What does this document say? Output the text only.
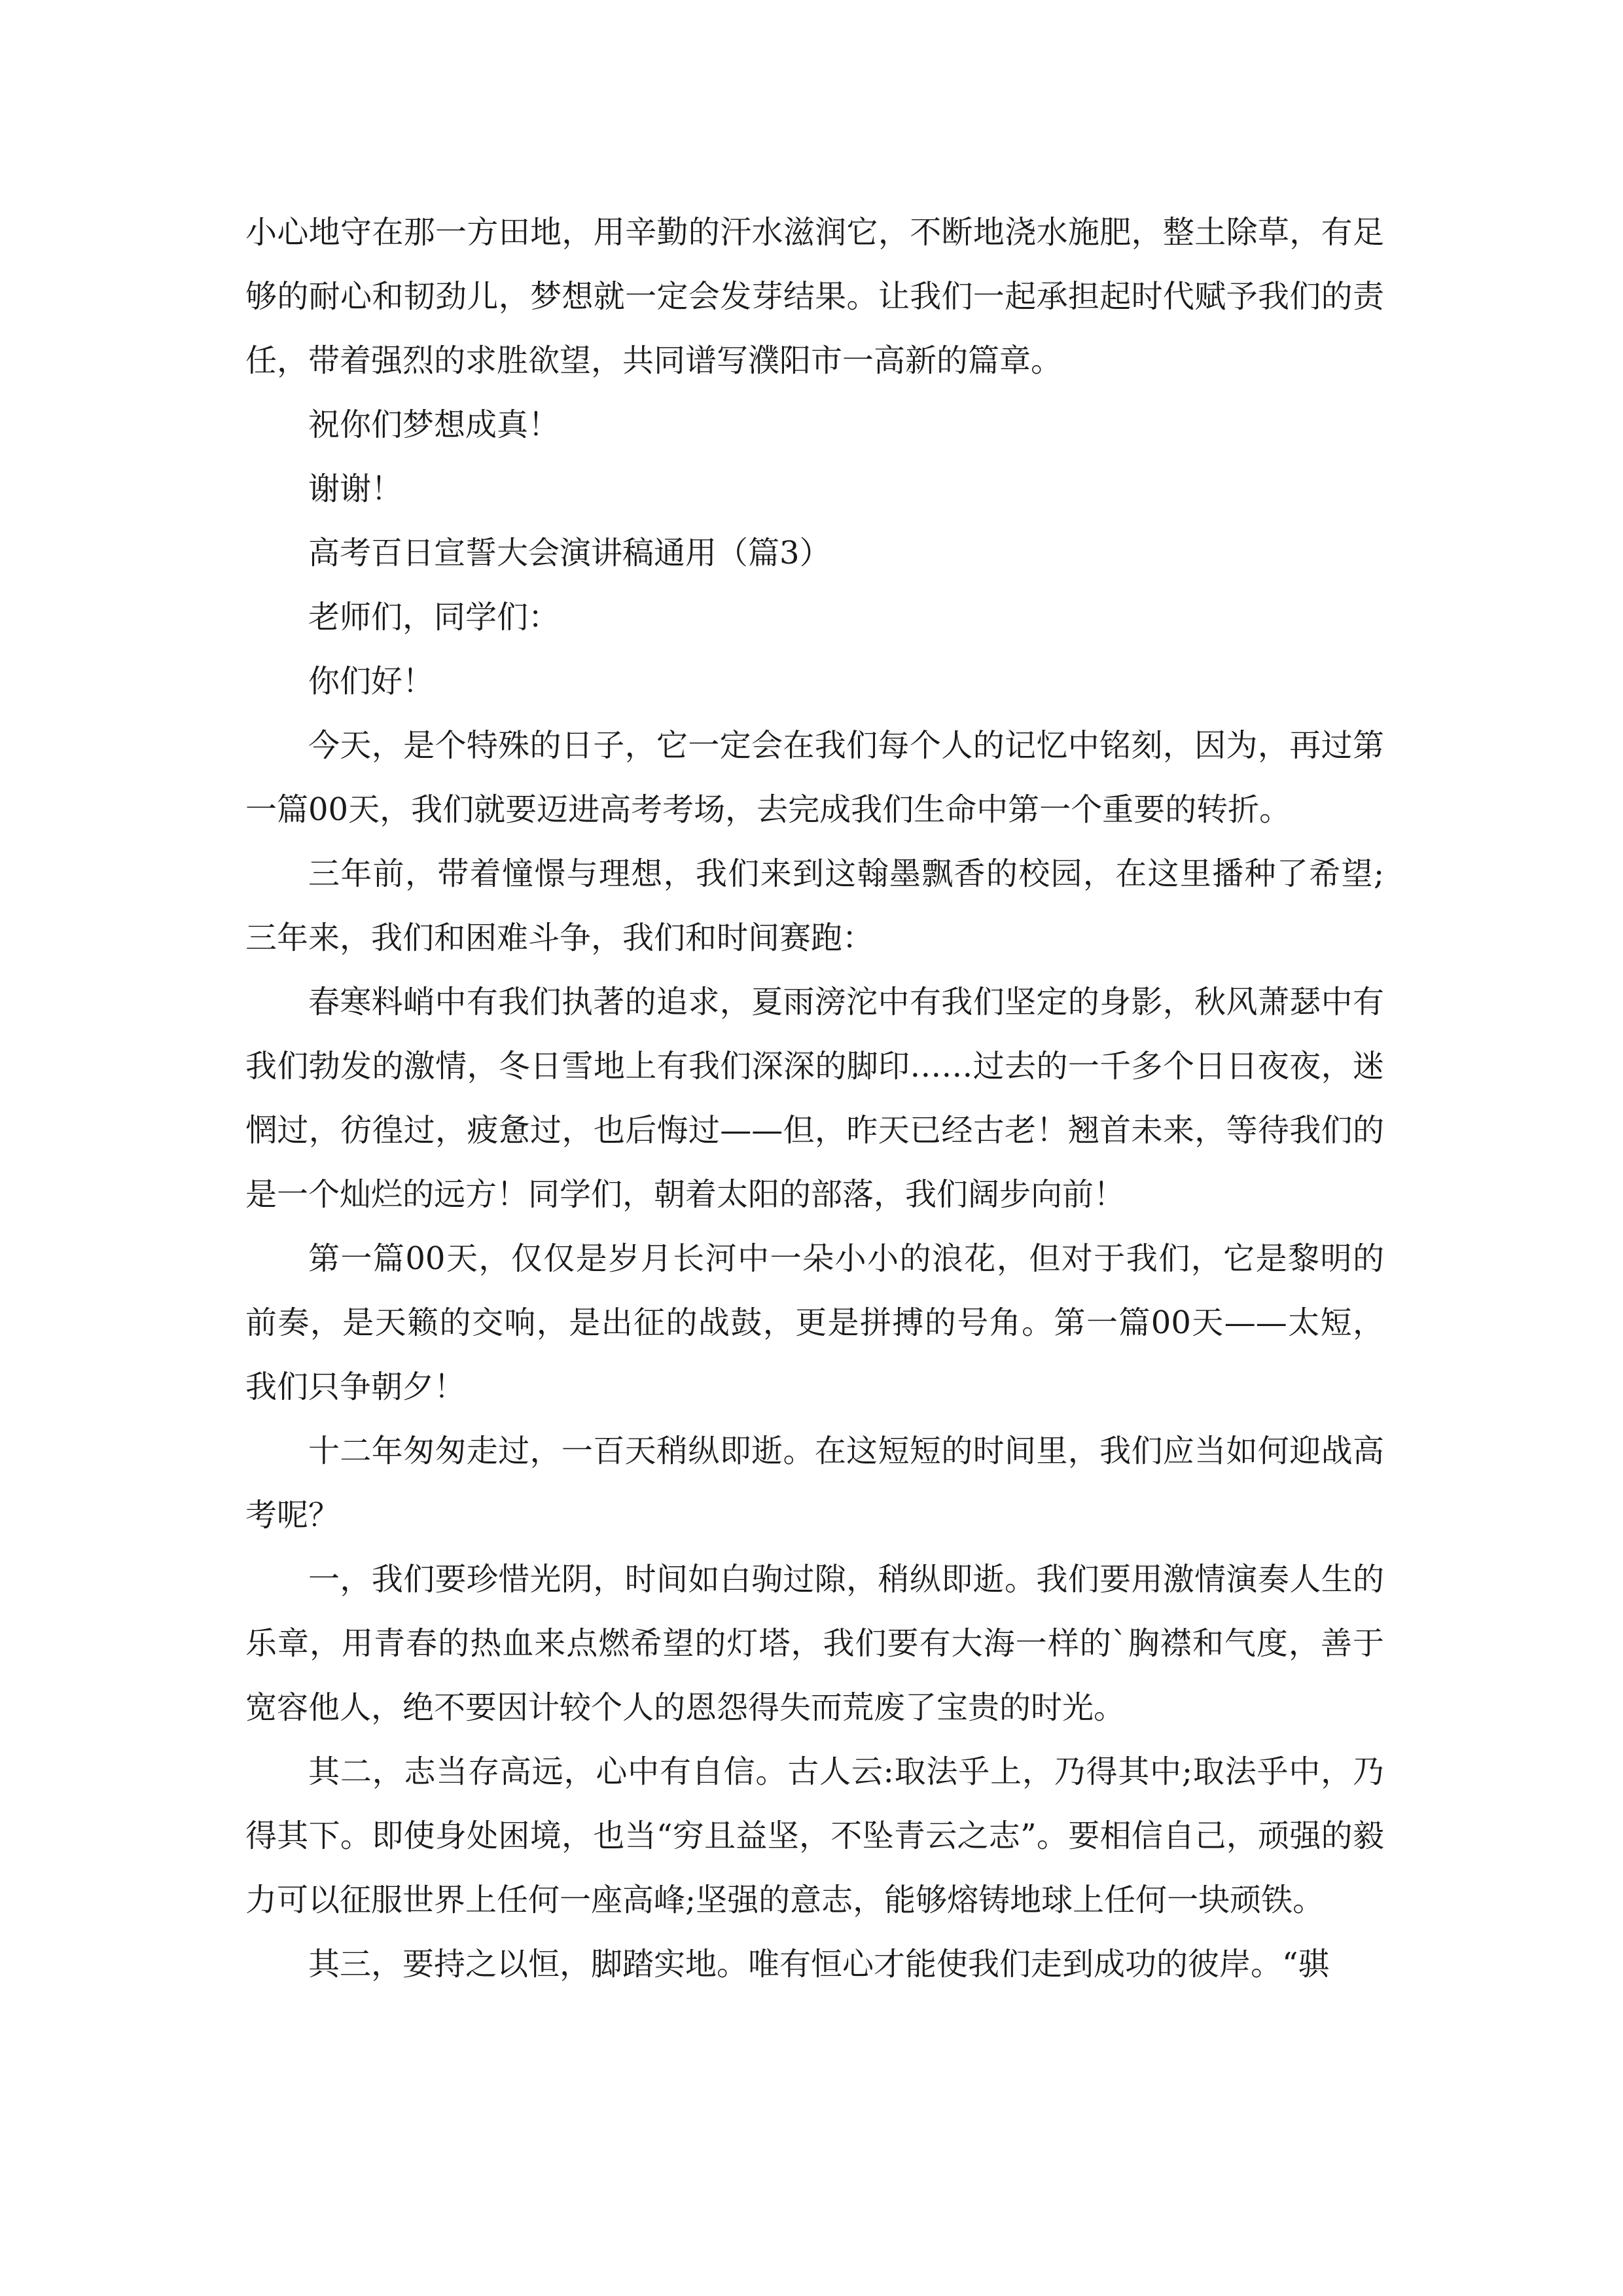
小心地守在那一方田地，用辛勤的汗水滋润它，不断地浇水施肥，整土除草，有足够的耐心和韧劲儿，梦想就一定会发芽结果。让我们一起承担起时代赋予我们的责任，带着强烈的求胜欲望，共同谱写濮阳市一高新的篇章。

祝你们梦想成真！

谢谢！

高考百日宣誓大会演讲稿通用（篇3）

老师们，同学们：

你们好！

今天，是个特殊的日子，它一定会在我们每个人的记忆中铭刻，因为，再过第一篇00天，我们就要迈进高考考场，去完成我们生命中第一个重要的转折。

三年前，带着憧憬与理想，我们来到这翰墨飘香的校园，在这里播种了希望;三年来，我们和困难斗争，我们和时间赛跑：

春寒料峭中有我们执著的追求，夏雨滂沱中有我们坚定的身影，秋风萧瑟中有我们勃发的激情，冬日雪地上有我们深深的脚印……过去的一千多个日日夜夜，迷惘过，彷徨过，疲惫过，也后悔过——但，昨天已经古老！翘首未来，等待我们的是一个灿烂的远方！同学们，朝着太阳的部落，我们阔步向前！

第一篇00天，仅仅是岁月长河中一朵小小的浪花，但对于我们，它是黎明的前奏，是天籁的交响，是出征的战鼓，更是拼搏的号角。第一篇00天——太短，我们只争朝夕！

十二年匆匆走过，一百天稍纵即逝。在这短短的时间里，我们应当如何迎战高考呢？

一，我们要珍惜光阴，时间如白驹过隙，稍纵即逝。我们要用激情演奏人生的乐章，用青春的热血来点燃希望的灯塔，我们要有大海一样的`胸襟和气度，善于宽容他人，绝不要因计较个人的恩怨得失而荒废了宝贵的时光。

其二，志当存高远，心中有自信。古人云:取法乎上，乃得其中;取法乎中，乃得其下。即使身处困境，也当“穷且益坚，不坠青云之志”。要相信自己，顽强的毅力可以征服世界上任何一座高峰;坚强的意志，能够熔铸地球上任何一块顽铁。

其三，要持之以恒，脚踏实地。唯有恒心才能使我们走到成功的彼岸。“骐
